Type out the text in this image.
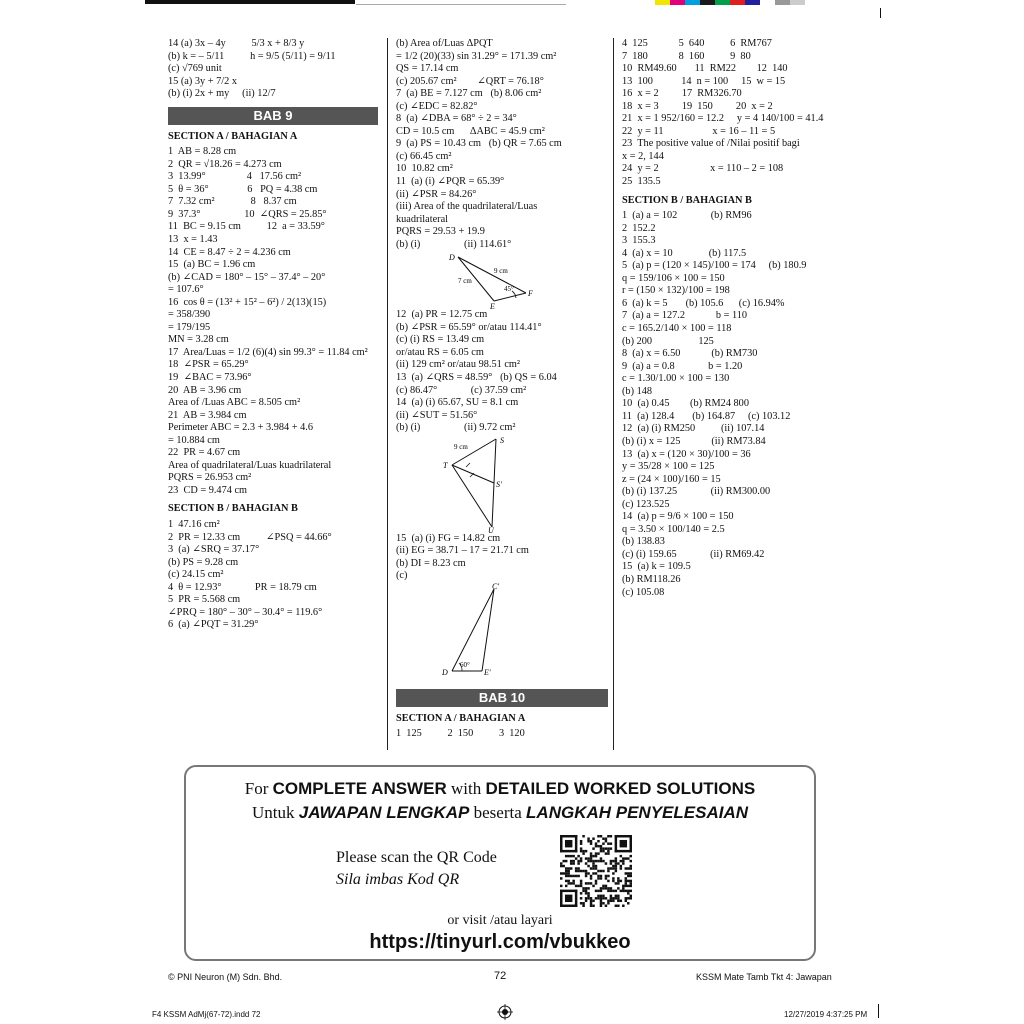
14 (a) 3x – 4y          5/3 x + 8/3 y
(b) k = – 5/11          h = 9/5 (5/11) = 9/11
(c) √769 unit
15 (a) 3y + 7/2 x
(b) (i) 2x + my     (ii) 12/7
BAB 9
SECTION A / BAHAGIAN A
1  AB = 8.28 cm
2  QR = √18.26 = 4.273 cm
3  13.99°                4   17.56 cm²
5  θ = 36°               6   PQ = 4.38 cm
7  7.32 cm²              8   8.37 cm
9  37.3°                 10  ∠QRS = 25.85°
11  BC = 9.15 cm          12  a = 33.59°
13  x = 1.43
14  CE = 8.47 ÷ 2 = 4.236 cm
15  (a) BC = 1.96 cm
(b) ∠CAD = 180° – 15° – 37.4° – 20°
= 107.6°
16  cos θ = (13² + 15² – 6²) / 2(13)(15)
= 358/390
= 179/195
MN = 3.28 cm
17  Area/Luas = 1/2 (6)(4) sin 99.3° = 11.84 cm²
18  ∠PSR = 65.29°
19  ∠BAC = 73.96°
20  AB = 3.96 cm
Area of /Luas ABC = 8.505 cm²
21  AB = 3.984 cm
Perimeter ABC = 2.3 + 3.984 + 4.6
= 10.884 cm
22  PR = 4.67 cm
Area of quadrilateral/Luas kuadrilateral
PQRS = 26.953 cm²
23  CD = 9.474 cm
SECTION B / BAHAGIAN B
1  47.16 cm²
2  PR = 12.33 cm          ∠PSQ = 44.66°
3  (a) ∠SRQ = 37.17°
(b) PS = 9.28 cm
(c) 24.15 cm²
4  θ = 12.93°             PR = 18.79 cm
5  PR = 5.568 cm
∠PRQ = 180° – 30° – 30.4° = 119.6°
6  (a) ∠PQT = 31.29°
(b) Area of/Luas ΔPQT
= 1/2 (20)(33) sin 31.29° = 171.39 cm²
QS = 17.14 cm
(c) 205.67 cm²        ∠QRT = 76.18°
7  (a) BE = 7.127 cm   (b) 8.06 cm²
(c) ∠EDC = 82.82°
8  (a) ∠DBA = 68° ÷ 2 = 34°
CD = 10.5 cm      ΔABC = 45.9 cm²
9  (a) PS = 10.43 cm   (b) QR = 7.65 cm
(c) 66.45 cm²
10  10.82 cm²
11  (a) (i) ∠PQR = 65.39°
(ii) ∠PSR = 84.26°
(iii) Area of the quadrilateral/Luas
kuadrilateral
PQRS = 29.53 + 19.9
(b) (i)                 (ii) 114.61°
D
F
E
7 cm
9 cm
45°
12  (a) PR = 12.75 cm
(b) ∠PSR = 65.59° or/atau 114.41°
(c) (i) RS = 13.49 cm
or/atau RS = 6.05 cm
(ii) 129 cm² or/atau 98.51 cm²
13  (a) ∠QRS = 48.59°   (b) QS = 6.04
(c) 86.47°             (c) 37.59 cm²
14  (a) (i) 65.67, SU = 8.1 cm
(ii) ∠SUT = 51.56°
(b) (i)                 (ii) 9.72 cm²
S
T
S'
U
9 cm
15  (a) (i) FG = 14.82 cm
(ii) EG = 38.71 – 17 = 21.71 cm
(b) DI = 8.23 cm
(c)
C'
D	E'
60°
BAB 10
SECTION A / BAHAGIAN A
1  125          2  150          3  120
4  125            5  640          6  RM767
7  180            8  160          9  80
10  RM49.60       11  RM22        12  140
13  100           14  n = 100     15  w = 15
16  x = 2         17  RM326.70
18  x = 3         19  150         20  x = 2
21  x = 1 952/160 = 12.2     y = 4 140/100 = 41.4
22  y = 11                   x = 16 – 11 = 5
23  The positive value of /Nilai positif bagi
x = 2, 144
24  y = 2                    x = 110 – 2 = 108
25  135.5
SECTION B / BAHAGIAN B
1  (a) a = 102             (b) RM96
2  152.2
3  155.3
4  (a) x = 10              (b) 117.5
5  (a) p = (120 × 145)/100 = 174     (b) 180.9
q = 159/106 × 100 = 150
r = (150 × 132)/100 = 198
6  (a) k = 5       (b) 105.6      (c) 16.94%
7  (a) a = 127.2            b = 110
c = 165.2/140 × 100 = 118
(b) 200                  125
8  (a) x = 6.50            (b) RM730
9  (a) a = 0.8             b = 1.20
c = 1.30/1.00 × 100 = 130
(b) 148
10  (a) 0.45        (b) RM24 800
11  (a) 128.4       (b) 164.87     (c) 103.12
12  (a) (i) RM250          (ii) 107.14
(b) (i) x = 125            (ii) RM73.84
13  (a) x = (120 × 30)/100 = 36
y = 35/28 × 100 = 125
z = (24 × 100)/160 = 15
(b) (i) 137.25             (ii) RM300.00
(c) 123.525
14  (a) p = 9/6 × 100 = 150
q = 3.50 × 100/140 = 2.5
(b) 138.83
(c) (i) 159.65             (ii) RM69.42
15  (a) k = 109.5
(b) RM118.26
(c) 105.08
For COMPLETE ANSWER with DETAILED WORKED SOLUTIONS
Untuk JAWAPAN LENGKAP beserta LANGKAH PENYELESAIAN
Please scan the QR Code
Sila imbas Kod QR
or visit /atau layari
https://tinyurl.com/vbukkeo
© PNI Neuron (M) Sdn. Bhd.	72	KSSM Mate Tamb Tkt 4: Jawapan
F4 KSSM AdMj(67-72).indd 72	12/27/2019 4:37:25 PM
